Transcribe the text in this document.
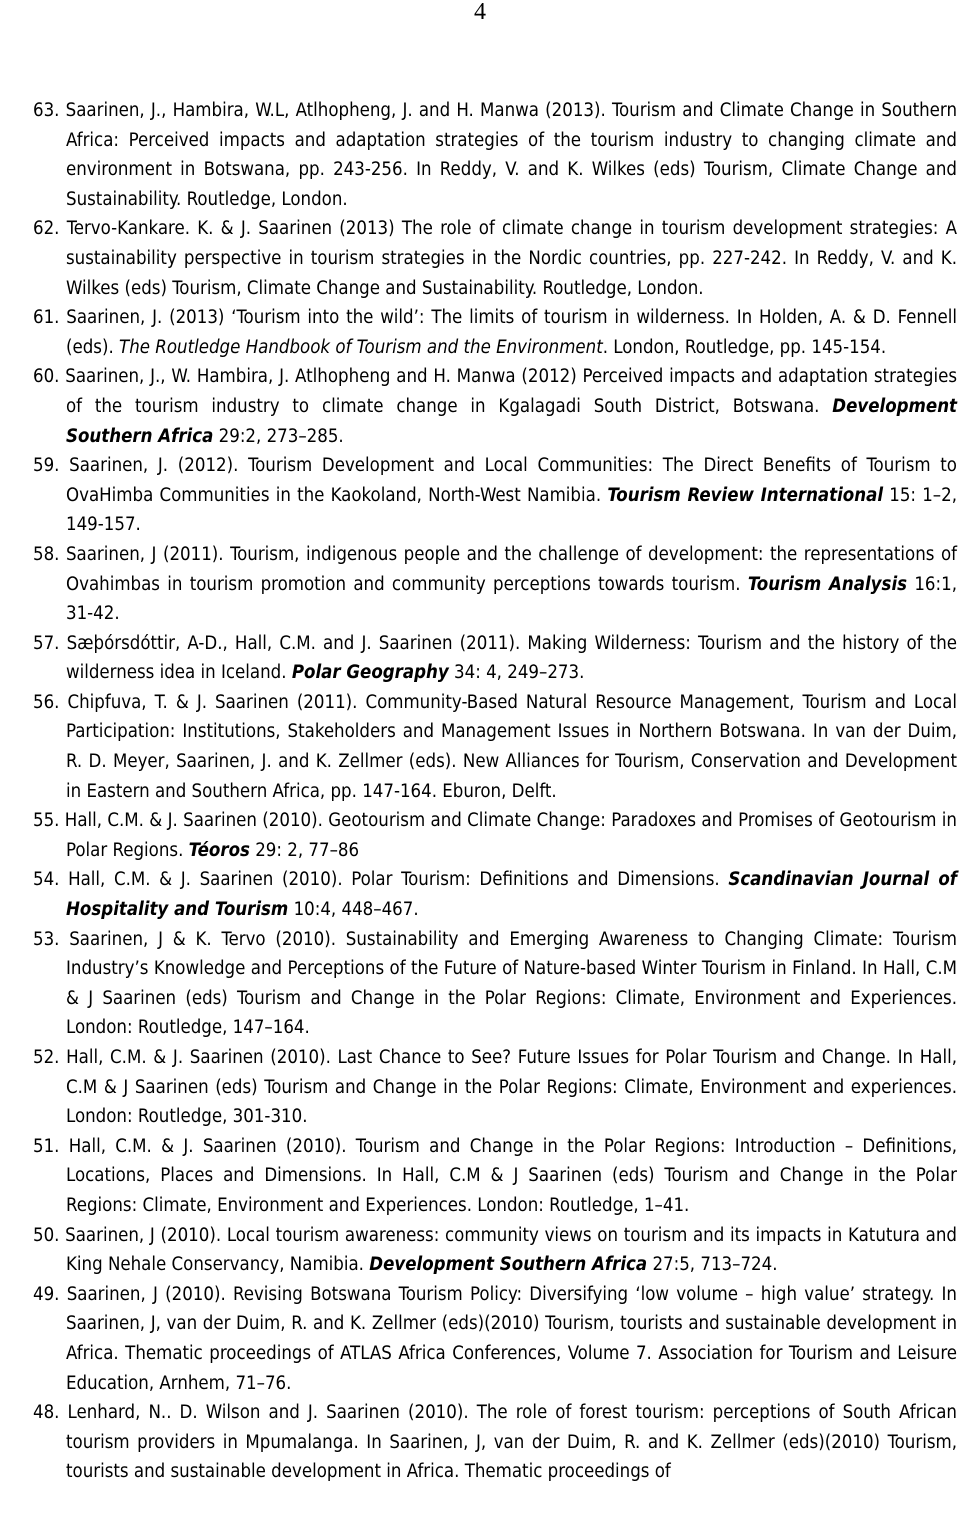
4

63. Saarinen, J., Hambira, W.L, Atlhopheng, J. and H. Manwa (2013). Tourism and Climate Change in Southern Africa: Perceived impacts and adaptation strategies of the tourism industry to changing climate and environment in Botswana, pp. 243-256. In Reddy, V. and K. Wilkes (eds) Tourism, Climate Change and Sustainability. Routledge, London.

62. Tervo-Kankare. K. & J. Saarinen (2013) The role of climate change in tourism development strategies: A sustainability perspective in tourism strategies in the Nordic countries, pp. 227-242. In Reddy, V. and K. Wilkes (eds) Tourism, Climate Change and Sustainability. Routledge, London.

61. Saarinen, J. (2013) ‘Tourism into the wild’: The limits of tourism in wilderness. In Holden, A. & D. Fennell (eds). The Routledge Handbook of Tourism and the Environment. London, Routledge, pp. 145-154.

60. Saarinen, J., W. Hambira, J. Atlhopheng and H. Manwa (2012) Perceived impacts and adaptation strategies of the tourism industry to climate change in Kgalagadi South District, Botswana. Development Southern Africa 29:2, 273–285.

59. Saarinen, J. (2012). Tourism Development and Local Communities: The Direct Benefits of Tourism to OvaHimba Communities in the Kaokoland, North-West Namibia. Tourism Review International 15: 1–2, 149-157.

58. Saarinen, J (2011). Tourism, indigenous people and the challenge of development: the representations of Ovahimbas in tourism promotion and community perceptions towards tourism. Tourism Analysis 16:1, 31-42.

57. Sæþórsdóttir, A-D., Hall, C.M. and J. Saarinen (2011). Making Wilderness: Tourism and the history of the wilderness idea in Iceland. Polar Geography 34: 4, 249–273.

56. Chipfuva, T. & J. Saarinen (2011). Community-Based Natural Resource Management, Tourism and Local Participation: Institutions, Stakeholders and Management Issues in Northern Botswana. In van der Duim, R. D. Meyer, Saarinen, J. and K. Zellmer (eds). New Alliances for Tourism, Conservation and Development in Eastern and Southern Africa, pp. 147-164. Eburon, Delft.

55. Hall, C.M. & J. Saarinen (2010). Geotourism and Climate Change: Paradoxes and Promises of Geotourism in Polar Regions. Téoros 29: 2, 77–86

54. Hall, C.M. & J. Saarinen (2010). Polar Tourism: Definitions and Dimensions. Scandinavian Journal of Hospitality and Tourism 10:4, 448–467.

53. Saarinen, J & K. Tervo (2010). Sustainability and Emerging Awareness to Changing Climate: Tourism Industry’s Knowledge and Perceptions of the Future of Nature-based Winter Tourism in Finland. In Hall, C.M & J Saarinen (eds) Tourism and Change in the Polar Regions: Climate, Environment and Experiences. London: Routledge, 147–164.

52. Hall, C.M. & J. Saarinen (2010). Last Chance to See? Future Issues for Polar Tourism and Change. In Hall, C.M & J Saarinen (eds) Tourism and Change in the Polar Regions: Climate, Environment and experiences. London: Routledge, 301-310.

51. Hall, C.M. & J. Saarinen (2010). Tourism and Change in the Polar Regions: Introduction – Definitions, Locations, Places and Dimensions. In Hall, C.M & J Saarinen (eds) Tourism and Change in the Polar Regions: Climate, Environment and Experiences. London: Routledge, 1–41.

50. Saarinen, J (2010). Local tourism awareness: community views on tourism and its impacts in Katutura and King Nehale Conservancy, Namibia. Development Southern Africa 27:5, 713–724.

49. Saarinen, J (2010). Revising Botswana Tourism Policy: Diversifying ‘low volume – high value’ strategy. In Saarinen, J, van der Duim, R. and K. Zellmer (eds)(2010) Tourism, tourists and sustainable development in Africa. Thematic proceedings of ATLAS Africa Conferences, Volume 7. Association for Tourism and Leisure Education, Arnhem, 71–76.

48. Lenhard, N.. D. Wilson and J. Saarinen (2010). The role of forest tourism: perceptions of South African tourism providers in Mpumalanga. In Saarinen, J, van der Duim, R. and K. Zellmer (eds)(2010) Tourism, tourists and sustainable development in Africa. Thematic proceedings of
